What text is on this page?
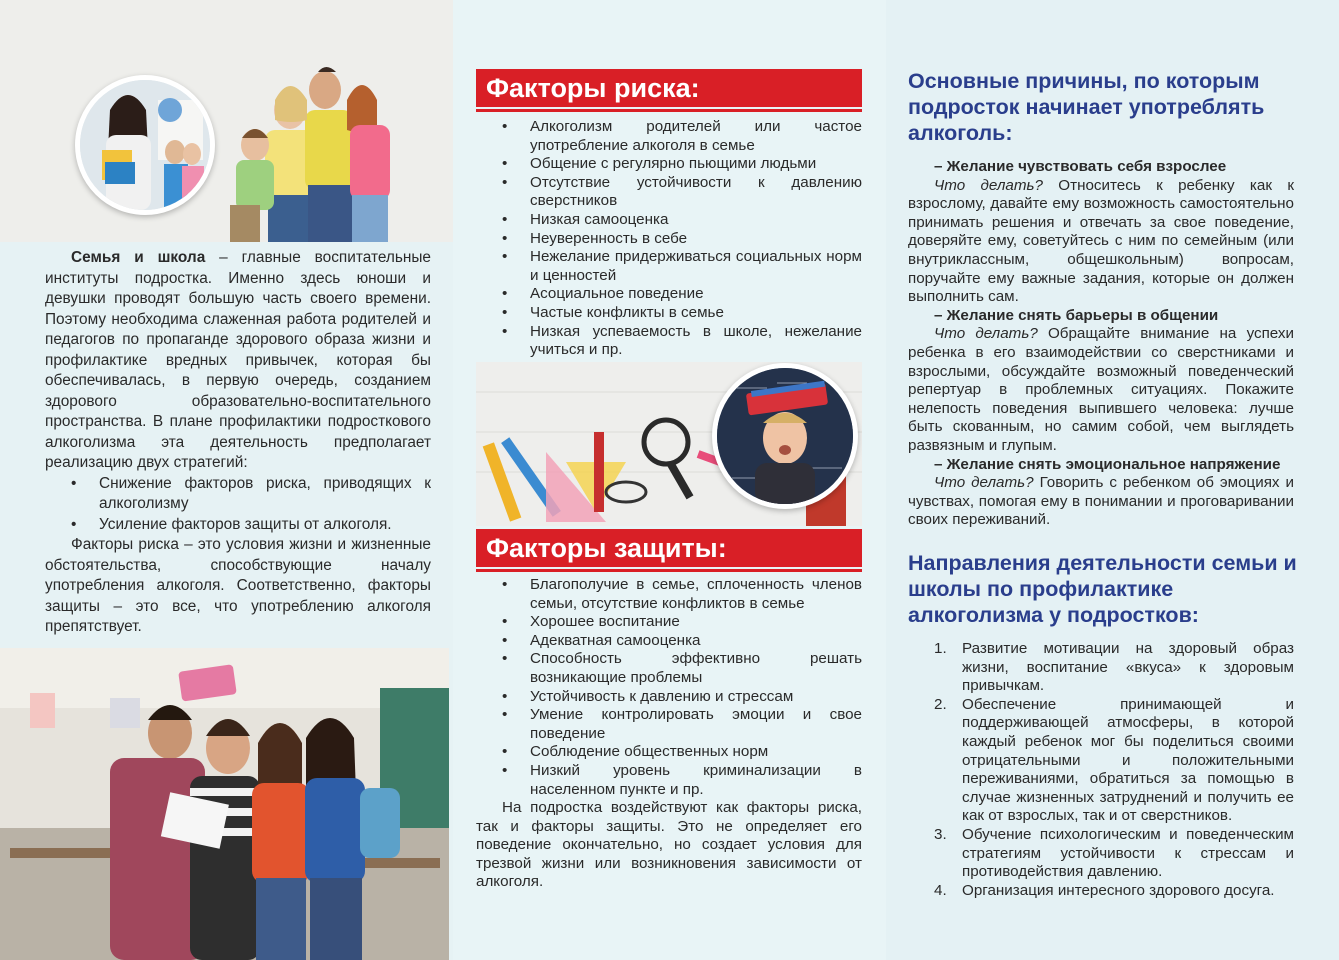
Семья и школа – главные воспитательные институты подростка. Именно здесь юноши и девушки проводят большую часть своего времени. Поэтому необходима слаженная работа родителей и педагогов по пропаганде здорового образа жизни и профилактике вредных привычек, которая бы обеспечивалась, в первую очередь, созданием здорового образовательно-воспитательного пространства. В плане профилактики подросткового алкоголизма эта деятельность предполагает реализацию двух стратегий:

• Снижение факторов риска, приводящих к алкоголизму
• Усиление факторов защиты от алкоголя.

Факторы риска – это условия жизни и жизненные обстоятельства, способствующие началу употребления алкоголя. Соответственно, факторы защиты – это все, что употреблению алкоголя препятствует.

Факторы риска:
• Алкоголизм родителей или частое употребление алкоголя в семье
• Общение с регулярно пьющими людьми
• Отсутствие устойчивости к давлению сверстников
• Низкая самооценка
• Неуверенность в себе
• Нежелание придерживаться социальных норм и ценностей
• Асоциальное поведение
• Частые конфликты в семье
• Низкая успеваемость в школе, нежелание учиться и пр.
Факторы защиты:
• Благополучие в семье, сплоченность членов семьи, отсутствие конфликтов в семье
• Хорошее воспитание
• Адекватная самооценка
• Способность эффективно решать возникающие проблемы
• Устойчивость к давлению и стрессам
• Умение контролировать эмоции и свое поведение
• Соблюдение общественных норм
• Низкий уровень криминализации в населенном пункте и пр.

На подростка воздействуют как факторы риска, так и факторы защиты. Это не определяет его поведение окончательно, но создает условия для трезвой жизни или возникновения зависимости от алкоголя.

Основные причины, по которым подросток начинает употреблять алкоголь:

– Желание чувствовать себя взрослее

Что делать? Относитесь к ребенку как к взрослому, давайте ему возможность самостоятельно принимать решения и отвечать за свое поведение, доверяйте ему, советуйтесь с ним по семейным (или внутриклассным, общешкольным) вопросам, поручайте ему важные задания, которые он должен выполнить сам.

– Желание снять барьеры в общении

Что делать? Обращайте внимание на успехи ребенка в его взаимодействии со сверстниками и взрослыми, обсуждайте возможный поведенческий репертуар в проблемных ситуациях. Покажите нелепость поведения выпившего человека: лучше быть скованным, но самим собой, чем выглядеть развязным и глупым.

– Желание снять эмоциональное напряжение

Что делать? Говорить с ребенком об эмоциях и чувствах, помогая ему в понимании и проговаривании своих переживаний.

Направления деятельности семьи и школы по профилактике алкоголизма у подростков:
1. Развитие мотивации на здоровый образ жизни, воспитание «вкуса» к здоровым привычкам.
2. Обеспечение принимающей и поддерживающей атмосферы, в которой каждый ребенок мог бы поделиться своими отрицательными и положительными переживаниями, обратиться за помощью в случае жизненных затруднений и получить ее как от взрослых, так и от сверстников.
3. Обучение психологическим и поведенческим стратегиям устойчивости к стрессам и противодействия давлению.
4. Организация интересного здорового досуга.
